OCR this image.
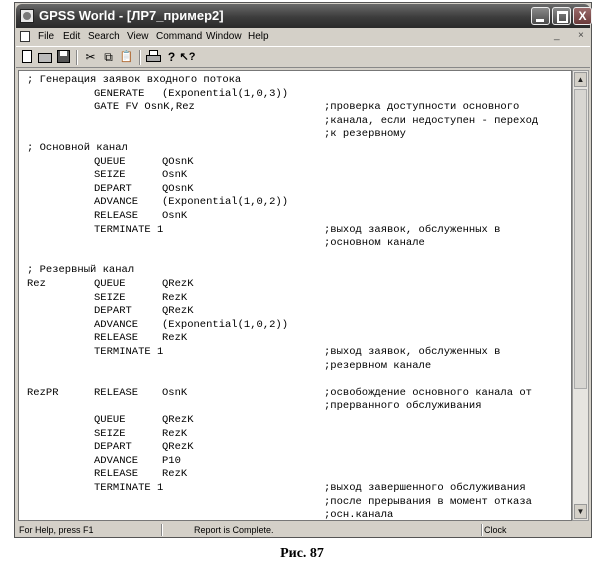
GPSS World - [ЛР7_пример2]	X
File Edit Search View Command Window Help	_ ×
✂ ⧉ 📋	? ↖?
; Генерация заявок входного потока
GENERATE (Exponential(1,0,3))
GATE FV OsnK,Rez	;проверка доступности основного
;канала, если недоступен - переход
;к резервному
; Основной канал
QUEUE	QOsnK
SEIZE	OsnK
DEPART	QOsnK
ADVANCE (Exponential(1,0,2))
RELEASE OsnK
TERMINATE 1	;выход заявок, обслуженных в
;основном канале
; Резервный канал
Rez	QUEUE	QRezK
SEIZE	RezK
DEPART	QRezK
ADVANCE (Exponential(1,0,2))
RELEASE RezK
TERMINATE 1	;выход заявок, обслуженных в
;резервном канале
RezPR	RELEASE OsnK	;освобождение основного канала от
;прерванного обслуживания
QUEUE	QRezK
SEIZE	RezK
DEPART	QRezK
ADVANCE P10
RELEASE RezK
TERMINATE 1	;выход завершенного обслуживания
;после прерывания в момент отказа
;осн.канала
▲
▼
For Help, press F1	Report is Complete.	Clock
Рис. 87
